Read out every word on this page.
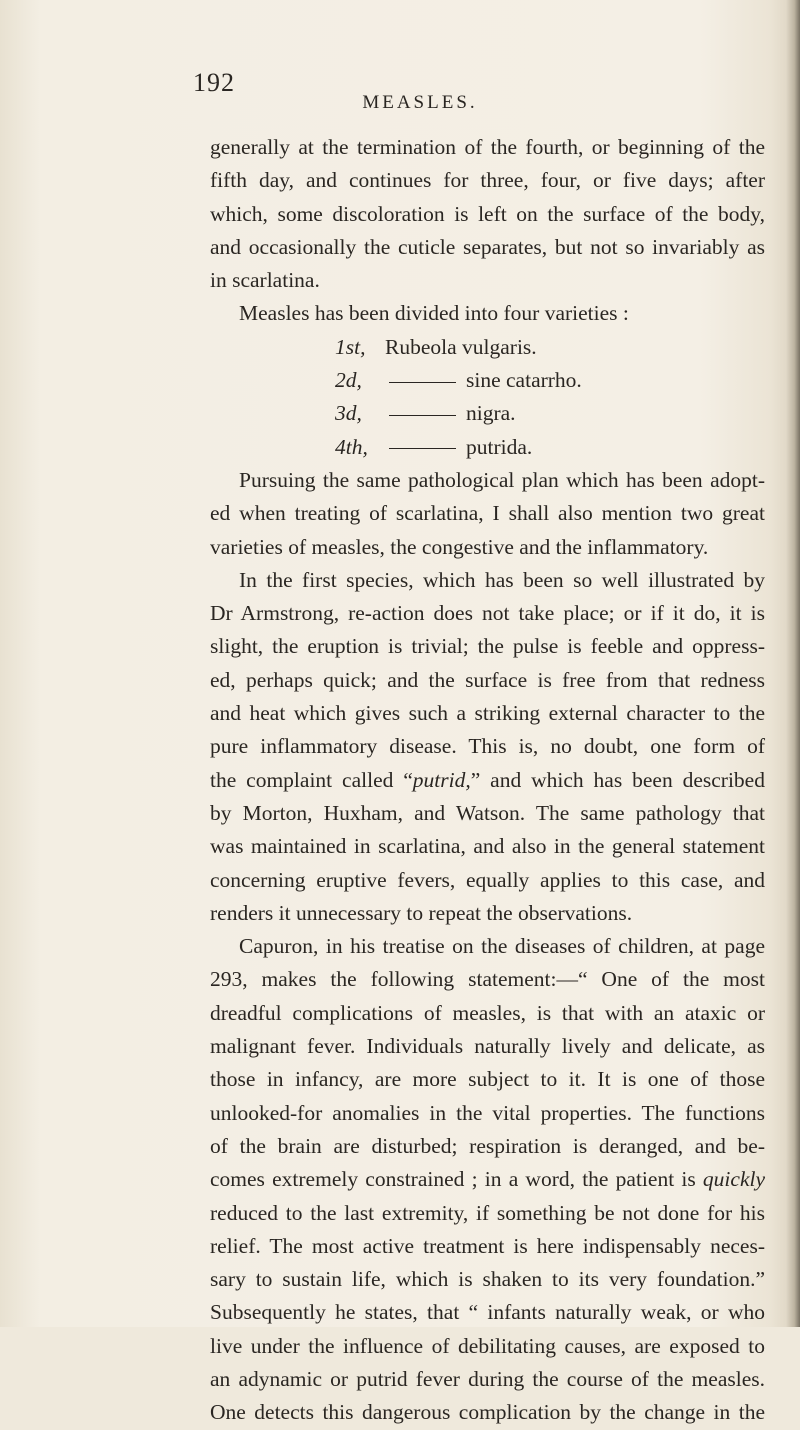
192
MEASLES.
generally at the termination of the fourth, or beginning of the
fifth day, and continues for three, four, or five days; after
which, some discoloration is left on the surface of the body,
and occasionally the cuticle separates, but not so invariably as
in scarlatina.
Measles has been divided into four varieties :
1st, Rubeola vulgaris.
2d,	sine catarrho.
3d,	nigra.
4th,	putrida.
Pursuing the same pathological plan which has been adopt-
ed when treating of scarlatina, I shall also mention two great
varieties of measles, the congestive and the inflammatory.
In the first species, which has been so well illustrated by
Dr Armstrong, re-action does not take place; or if it do, it is
slight, the eruption is trivial; the pulse is feeble and oppress-
ed, perhaps quick; and the surface is free from that redness
and heat which gives such a striking external character to the
pure inflammatory disease. This is, no doubt, one form of
the complaint called “putrid,” and which has been described
by Morton, Huxham, and Watson. The same pathology that
was maintained in scarlatina, and also in the general statement
concerning eruptive fevers, equally applies to this case, and
renders it unnecessary to repeat the observations.
Capuron, in his treatise on the diseases of children, at page
293, makes the following statement:—“ One of the most
dreadful complications of measles, is that with an ataxic or
malignant fever. Individuals naturally lively and delicate, as
those in infancy, are more subject to it. It is one of those
unlooked-for anomalies in the vital properties. The functions
of the brain are disturbed; respiration is deranged, and be-
comes extremely constrained ; in a word, the patient is quickly
reduced to the last extremity, if something be not done for his
relief. The most active treatment is here indispensably neces-
sary to sustain life, which is shaken to its very foundation.”
Subsequently he states, that “ infants naturally weak, or who
live under the influence of debilitating causes, are exposed to
an adynamic or putrid fever during the course of the measles.
One detects this dangerous complication by the change in the
